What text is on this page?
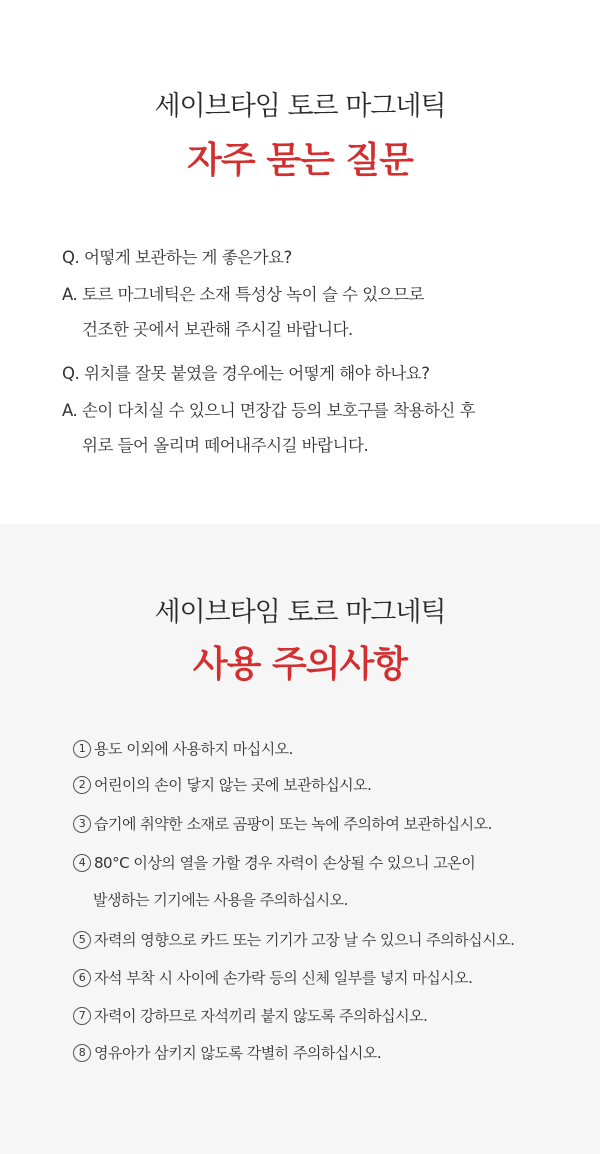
세이브타임 토르 마그네틱
자주 묻는 질문
Q. 어떻게 보관하는 게 좋은가요?
A. 토르 마그네틱은 소재 특성상 녹이 슬 수 있으므로
건조한 곳에서 보관해 주시길 바랍니다.
Q. 위치를 잘못 붙였을 경우에는 어떻게 해야 하나요?
A. 손이 다치실 수 있으니 면장갑 등의 보호구를 착용하신 후
위로 들어 올리며 떼어내주시길 바랍니다.
세이브타임 토르 마그네틱
사용 주의사항
1 용도 이외에 사용하지 마십시오.
2 어린이의 손이 닿지 않는 곳에 보관하십시오.
3 습기에 취약한 소재로 곰팡이 또는 녹에 주의하여 보관하십시오.
4 80°C 이상의 열을 가할 경우 자력이 손상될 수 있으니 고온이
발생하는 기기에는 사용을 주의하십시오.
5 자력의 영향으로 카드 또는 기기가 고장 날 수 있으니 주의하십시오.
6 자석 부착 시 사이에 손가락 등의 신체 일부를 넣지 마십시오.
7 자력이 강하므로 자석끼리 붙지 않도록 주의하십시오.
8 영유아가 삼키지 않도록 각별히 주의하십시오.
